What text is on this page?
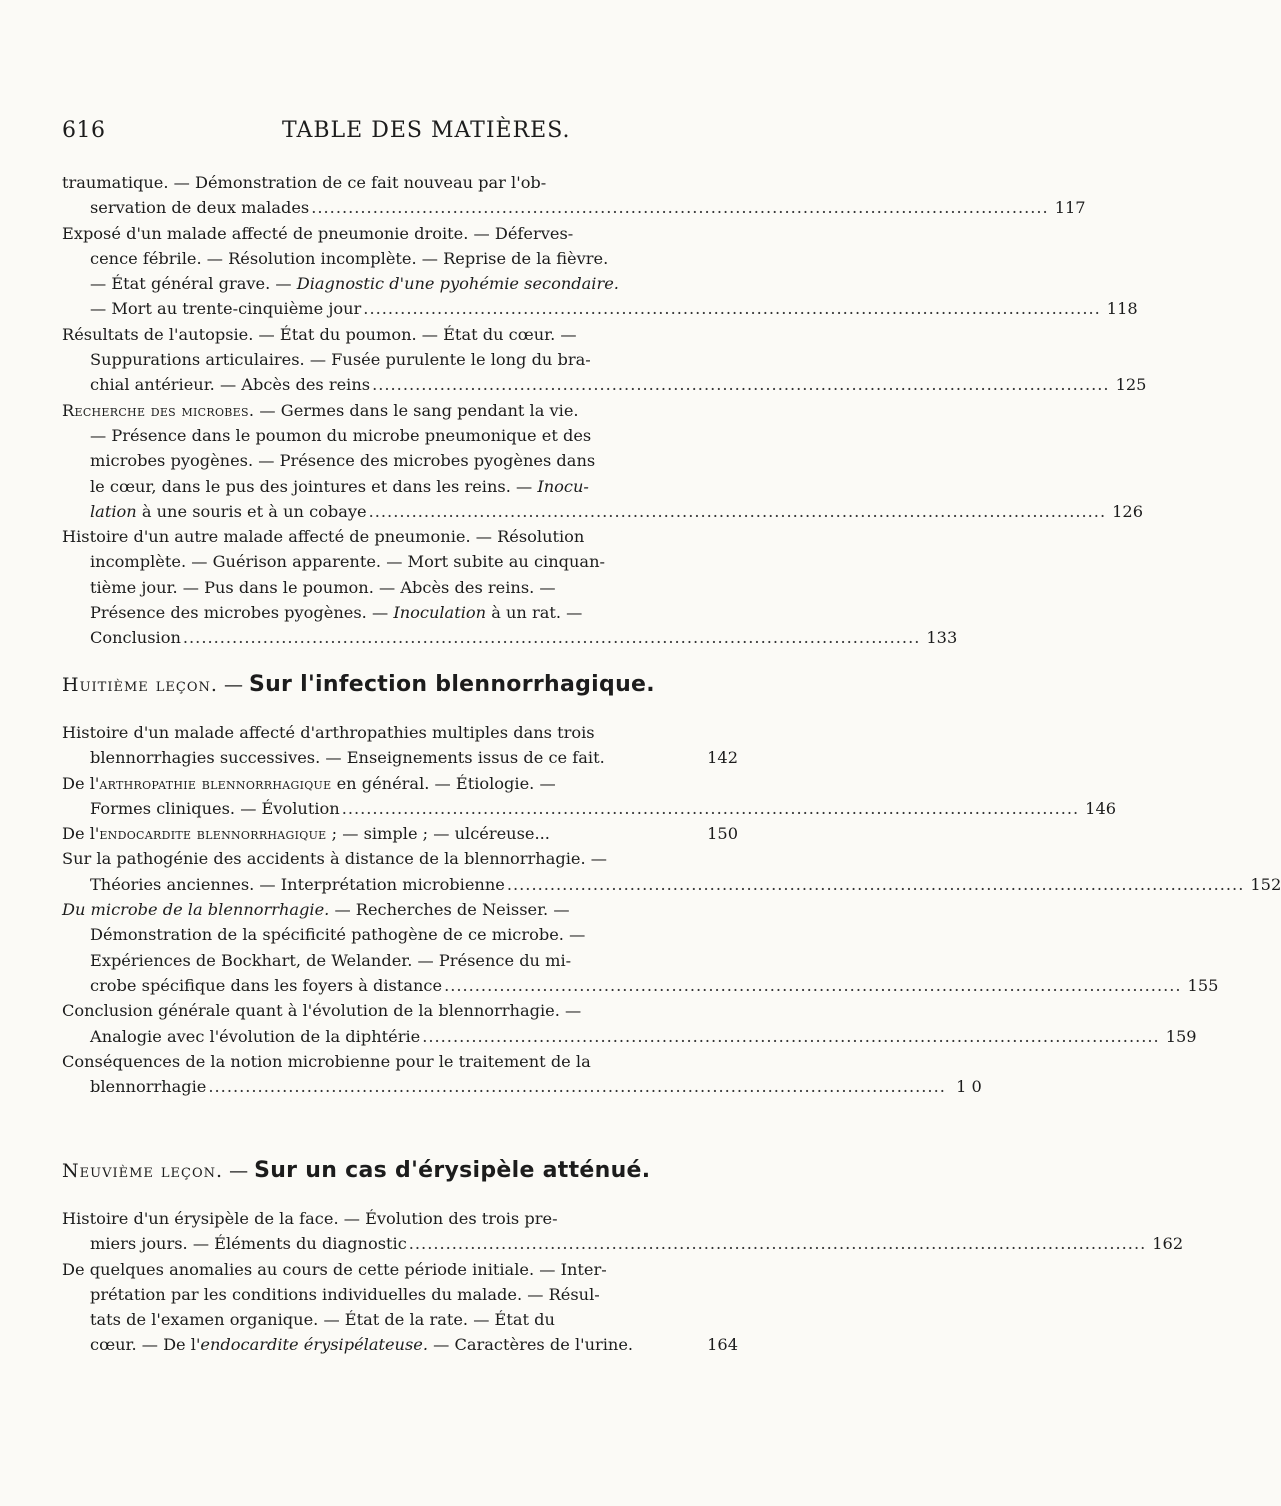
616	TABLE DES MATIÈRES.
traumatique. — Démonstration de ce fait nouveau par l'ob-
servation de deux malades ........................................................................................................................ 117
Exposé d'un malade affecté de pneumonie droite. — Déferves-
cence fébrile. — Résolution incomplète. — Reprise de la fièvre.
— État général grave. — Diagnostic d'une pyohémie secondaire.
— Mort au trente-cinquième jour ........................................................................................................................ 118
Résultats de l'autopsie. — État du poumon. — État du cœur. —
Suppurations articulaires. — Fusée purulente le long du bra-
chial antérieur. — Abcès des reins ........................................................................................................................ 125
Recherche des microbes. — Germes dans le sang pendant la vie.
— Présence dans le poumon du microbe pneumonique et des
microbes pyogènes. — Présence des microbes pyogènes dans
le cœur, dans le pus des jointures et dans les reins. — Inocu-
lation à une souris et à un cobaye ........................................................................................................................ 126
Histoire d'un autre malade affecté de pneumonie. — Résolution
incomplète. — Guérison apparente. — Mort subite au cinquan-
tième jour. — Pus dans le poumon. — Abcès des reins. —
Présence des microbes pyogènes. — Inoculation à un rat. —
Conclusion ........................................................................................................................ 133
Huitième leçon. — Sur l'infection blennorrhagique.
Histoire d'un malade affecté d'arthropathies multiples dans trois
blennorrhagies successives. — Enseignements issus de ce fait.	142
De l'arthropathie blennorrhagique en général. — Étiologie. —
Formes cliniques. — Évolution ........................................................................................................................ 146
De l'endocardite blennorrhagique ; — simple ; — ulcéreuse...	150
Sur la pathogénie des accidents à distance de la blennorrhagie. —
Théories anciennes. — Interprétation microbienne ........................................................................................................................ 152
Du microbe de la blennorrhagie. — Recherches de Neisser. —
Démonstration de la spécificité pathogène de ce microbe. —
Expériences de Bockhart, de Welander. — Présence du mi-
crobe spécifique dans les foyers à distance ........................................................................................................................ 155
Conclusion générale quant à l'évolution de la blennorrhagie. —
Analogie avec l'évolution de la diphtérie ........................................................................................................................ 159
Conséquences de la notion microbienne pour le traitement de la
blennorrhagie ........................................................................................................................ 1 0
Neuvième leçon. — Sur un cas d'érysipèle atténué.
Histoire d'un érysipèle de la face. — Évolution des trois pre-
miers jours. — Éléments du diagnostic ........................................................................................................................ 162
De quelques anomalies au cours de cette période initiale. — Inter-
prétation par les conditions individuelles du malade. — Résul-
tats de l'examen organique. — État de la rate. — État du
cœur. — De l'endocardite érysipélateuse. — Caractères de l'urine.	164
